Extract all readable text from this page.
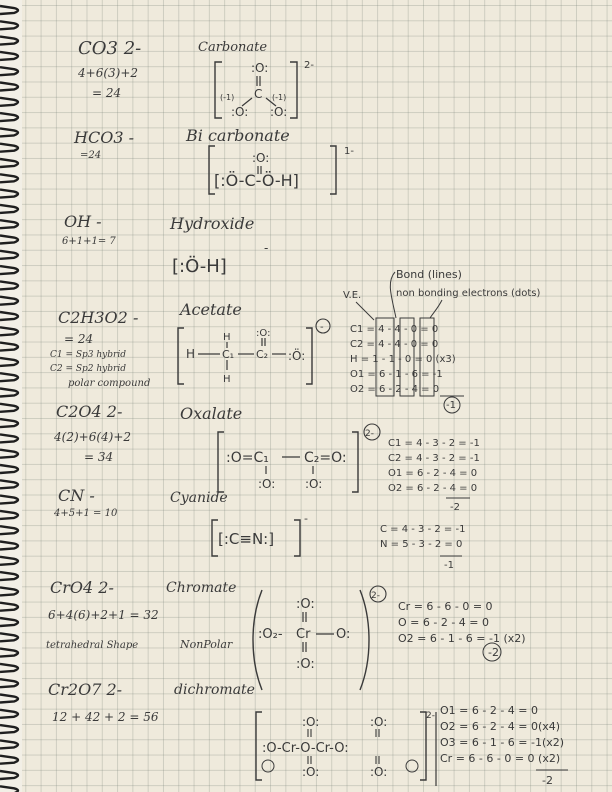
CO3 2-
4+6(3)+2
= 24
HCO3 -
=24
OH -
6+1+1= 7
C2H3O2 -
= 24
C1 = Sp3 hybrid
C2 = Sp2 hybrid
polar compound
C2O4 2-
4(2)+6(4)+2
= 34
CN -
4+5+1 = 10
CrO4 2-
6+4(6)+2+1 = 32
tetrahedral Shape	NonPolar
Cr2O7 2-
12 + 42 + 2 = 56
Carbonate
Bi carbonate
Hydroxide
Acetate
Oxalate
Cyanide
Chromate
dichromate
:O:
C
:O: :O:
(-1)	(-1)
2-
:O:
[:Ö-C-Ö-H]
1-
[:Ö-H]
-
H
H
C₁
H
C₂
:O:
:Ö:
-
V.E.
Bond (lines)
non bonding electrons (dots)
C1 = 4 - 4 - 0 = 0
C2 = 4 - 4 - 0 = 0
H = 1 - 1 - 0 = 0 (x3)
O1 = 6 - 1 - 6 = -1
O2 = 6 - 2 - 4 = 0
-1
:O=C₁	C₂=O:
:O: :O:
2-
C1 = 4 - 3 - 2 = -1
C2 = 4 - 3 - 2 = -1
O1 = 6 - 2 - 4 = 0
O2 = 6 - 2 - 4 = 0
-2
[:C≡N:]
-
C = 4 - 3 - 2 = -1
N = 5 - 3 - 2 = 0
-1
:O:
:O₂- Cr O:
:O:
2-
Cr = 6 - 6 - 0 = 0
O = 6 - 2 - 4 = 0
O2 = 6 - 1 - 6 = -1 (x2)
-2
:O:	:O:
:O-Cr-O-Cr-O:
:O:	:O:
2- O1 = 6 - 2 - 4 = 0
O2 = 6 - 2 - 4 = 0(x4)
O3 = 6 - 1 - 6 = -1(x2)
Cr = 6 - 6 - 0 = 0 (x2)
-2
